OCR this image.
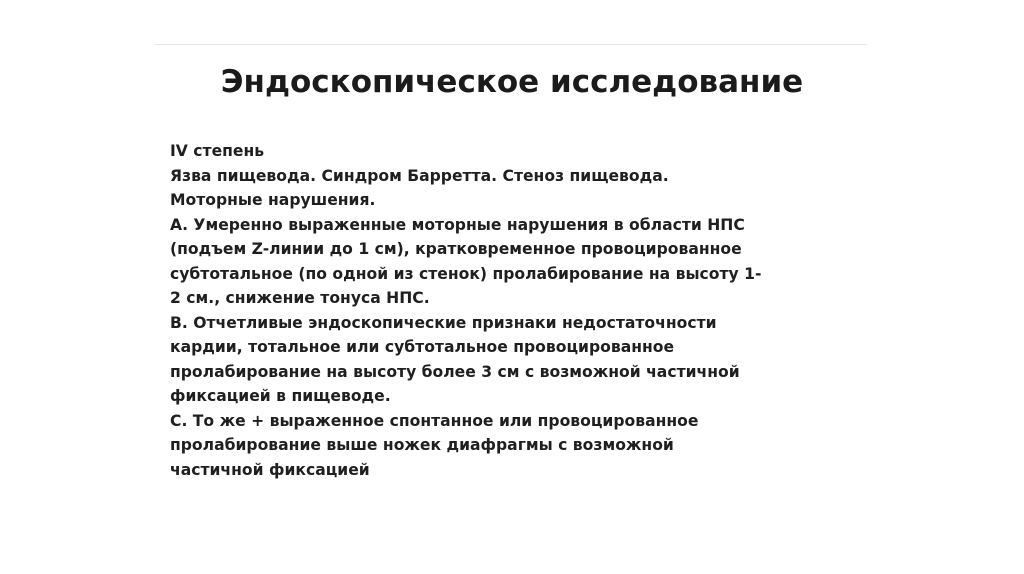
Эндоскопическое исследование
IV степень
Язва пищевода. Синдром Барретта. Стеноз пищевода.
Моторные нарушения.
А. Умеренно выраженные моторные нарушения в области НПС
(подъем Z-линии до 1 см), кратковременное провоцированное
субтотальное (по одной из стенок) пролабирование на высоту 1-
2 см., снижение тонуса НПС.
В. Отчетливые эндоскопические признаки недостаточности
кардии, тотальное или субтотальное провоцированное
пролабирование на высоту более 3 см с возможной частичной
фиксацией в пищеводе.
С. То же + выраженное спонтанное или провоцированное
пролабирование выше ножек диафрагмы с возможной
частичной фиксацией
